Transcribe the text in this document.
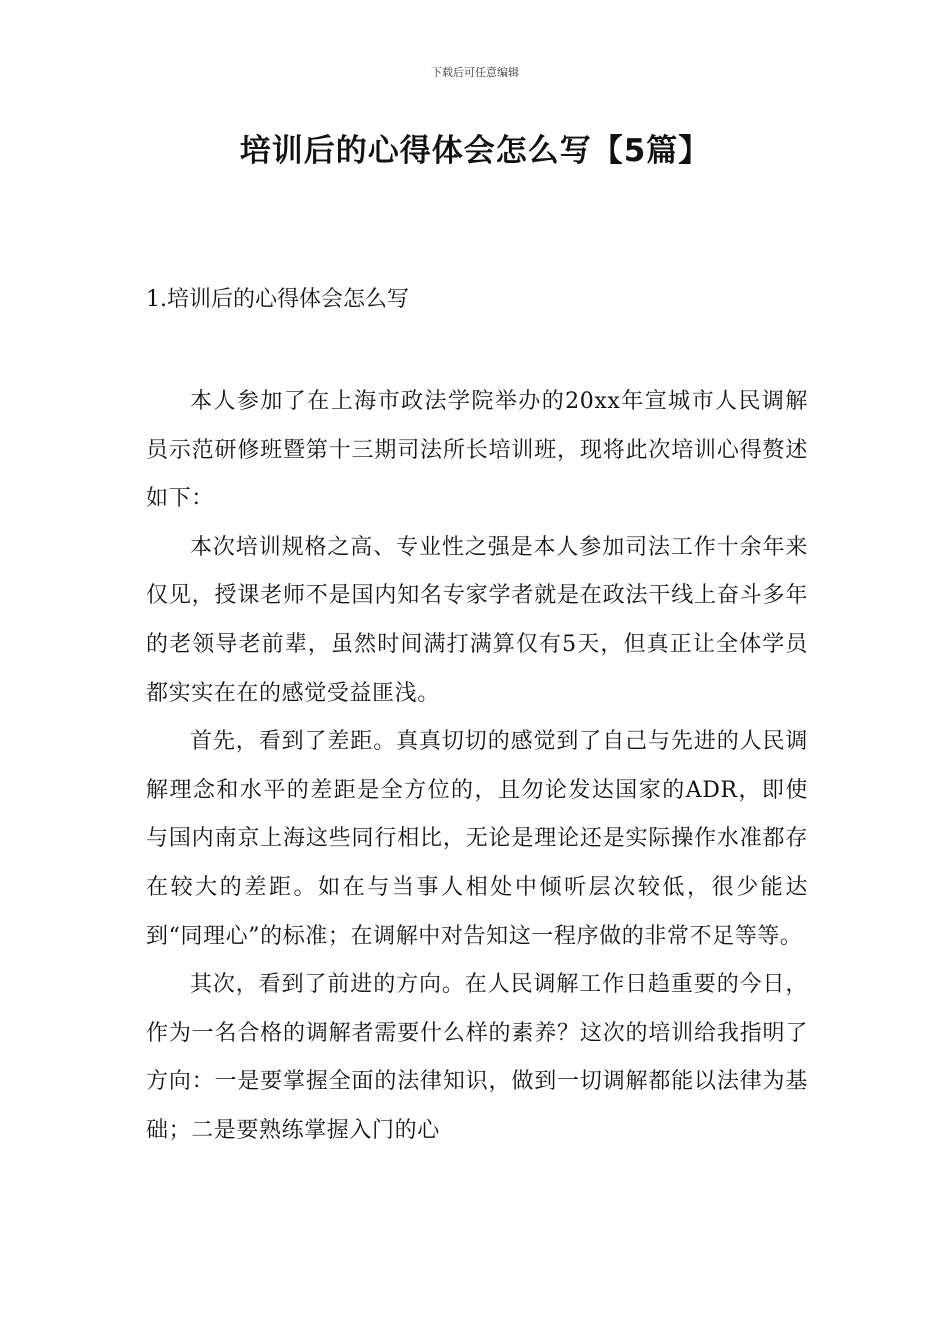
下载后可任意编辑
培训后的心得体会怎么写【5篇】
1.培训后的心得体会怎么写

本人参加了在上海市政法学院举办的20xx年宣城市人民调解员示范研修班暨第十三期司法所长培训班，现将此次培训心得赘述如下：

本次培训规格之高、专业性之强是本人参加司法工作十余年来仅见，授课老师不是国内知名专家学者就是在政法干线上奋斗多年的老领导老前辈，虽然时间满打满算仅有5天，但真正让全体学员都实实在在的感觉受益匪浅。

首先，看到了差距。真真切切的感觉到了自己与先进的人民调解理念和水平的差距是全方位的，且勿论发达国家的ADR，即使与国内南京上海这些同行相比，无论是理论还是实际操作水准都存在较大的差距。如在与当事人相处中倾听层次较低，很少能达到“同理心”的标准；在调解中对告知这一程序做的非常不足等等。

其次，看到了前进的方向。在人民调解工作日趋重要的今日，作为一名合格的调解者需要什么样的素养？这次的培训给我指明了方向：一是要掌握全面的法律知识，做到一切调解都能以法律为基础；二是要熟练掌握入门的心
